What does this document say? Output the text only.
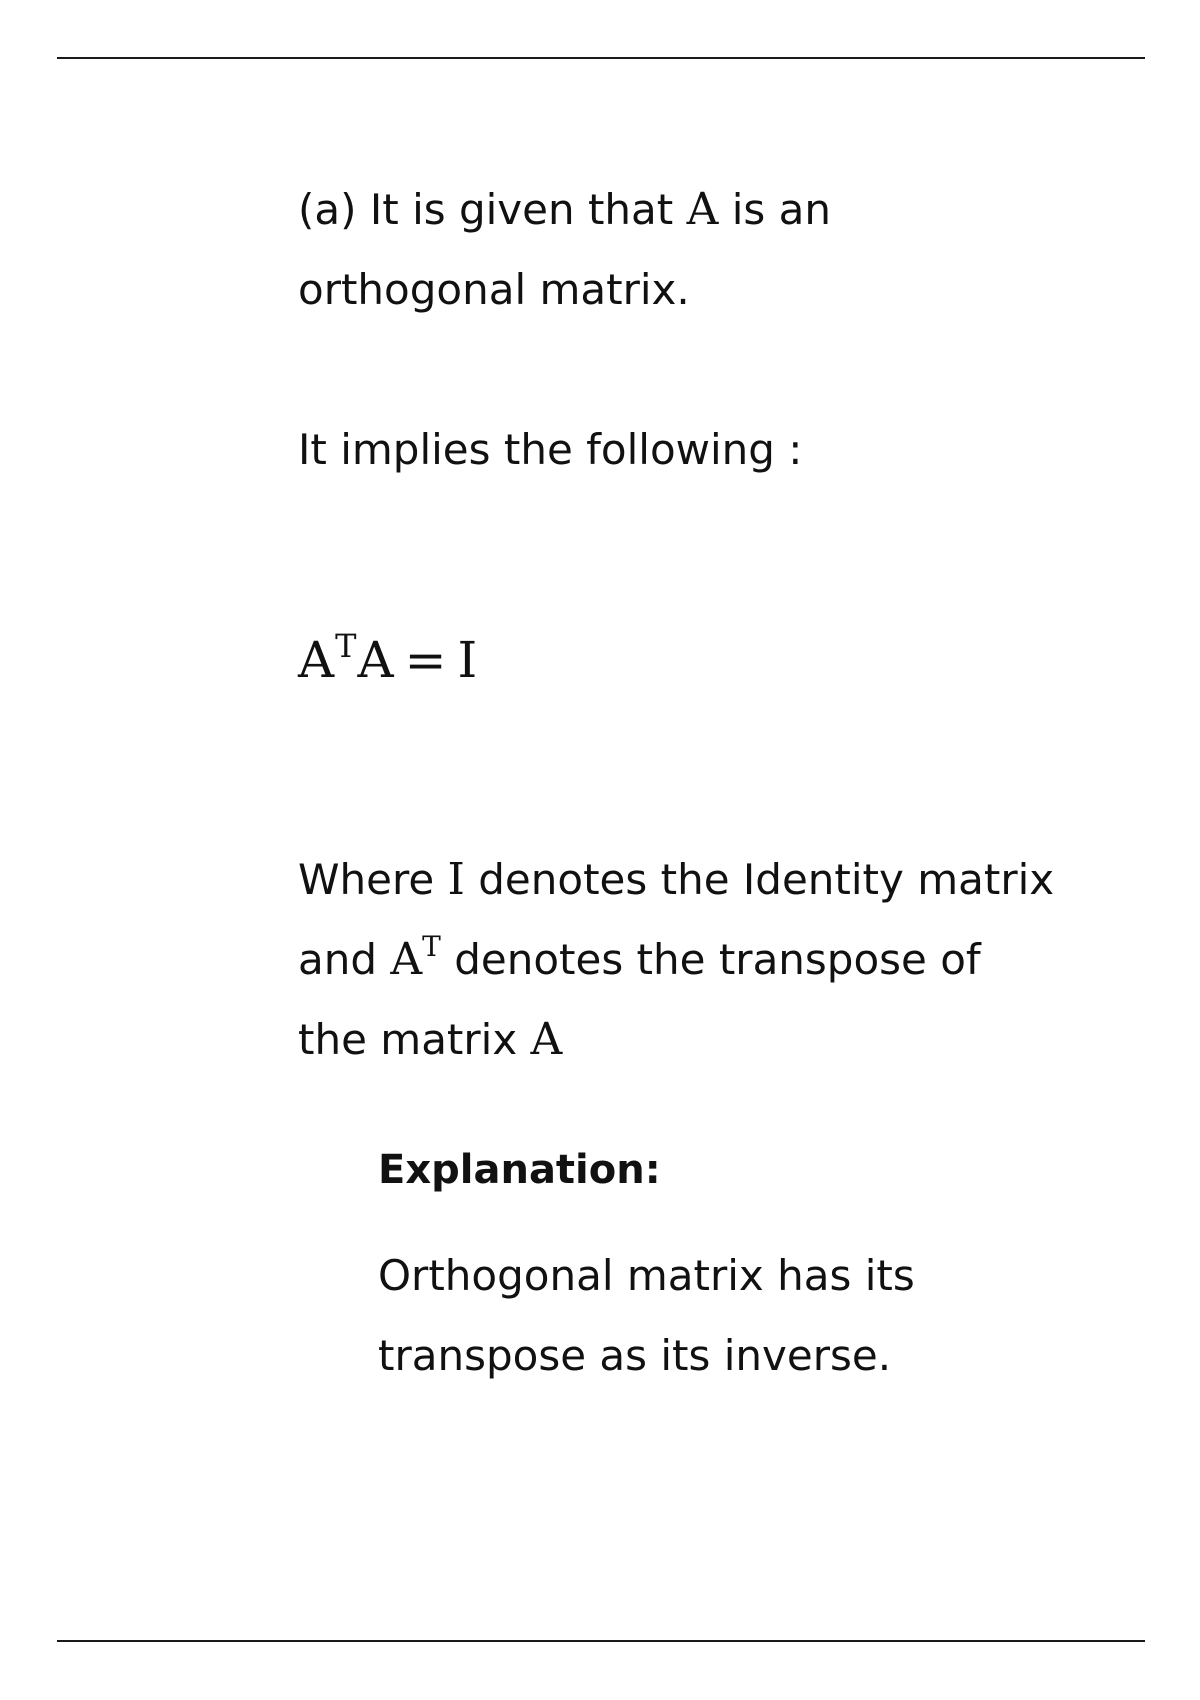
(a) It is given that A is an orthogonal matrix.

It implies the following :

$A^TA = I$

Where I denotes the Identity matrix and $A^T$ denotes the transpose of the matrix A

Explanation:

Orthogonal matrix has its transpose as its inverse.
